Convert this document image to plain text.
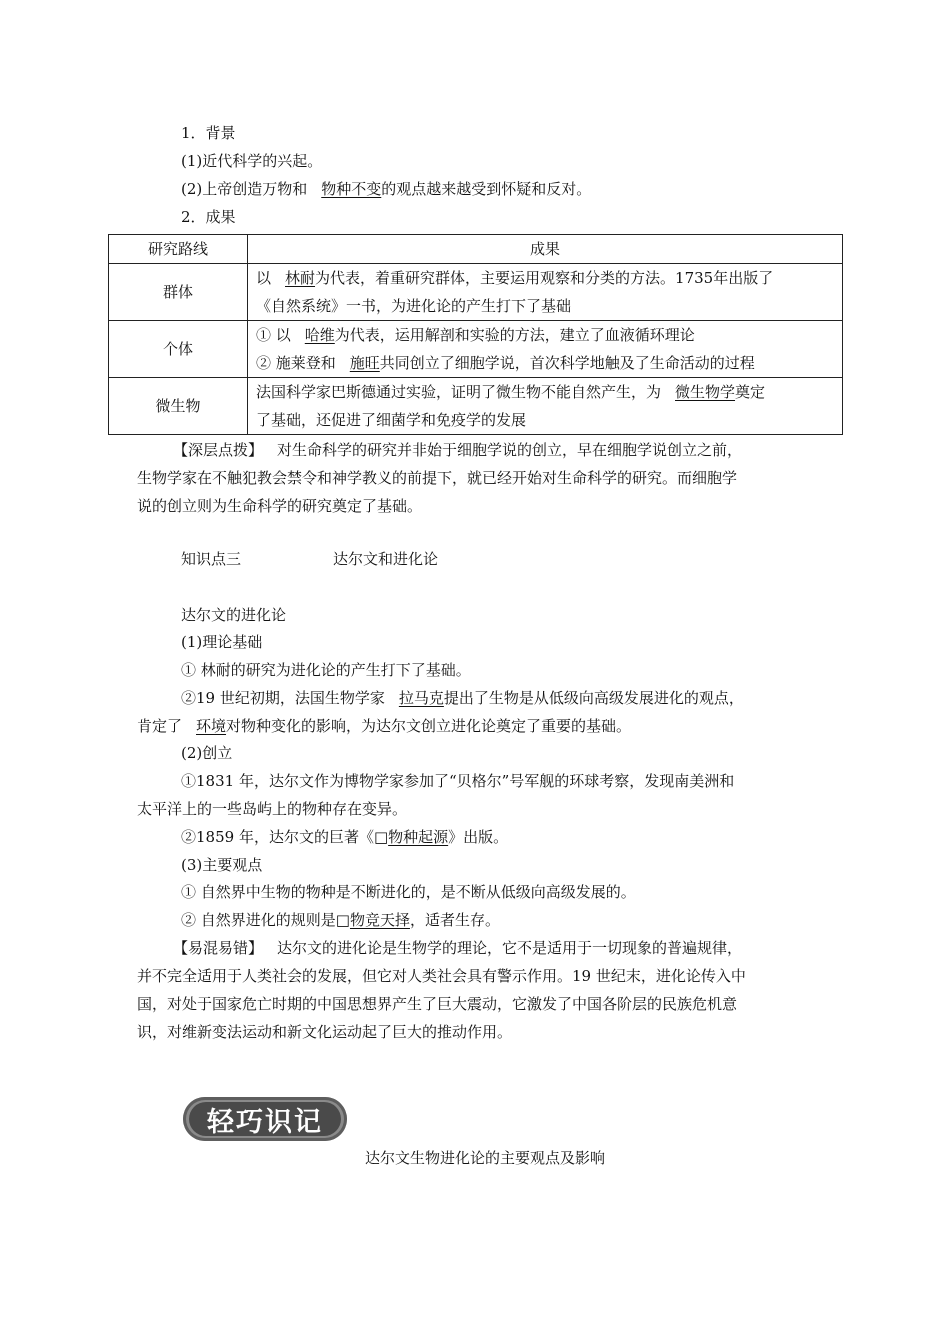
1．背景
(1)近代科学的兴起。
(2)上帝创造万物和 物种不变的观点越来越受到怀疑和反对。
2．成果
研究路线	成果
群体	以 林耐为代表，着重研究群体，主要运用观察和分类的方法。1735年出版了
《自然系统》一书，为进化论的产生打下了基础

个体	① 以 哈维为代表，运用解剖和实验的方法，建立了血液循环理论
② 施莱登和 施旺共同创立了细胞学说，首次科学地触及了生命活动的过程

微生物	法国科学家巴斯德通过实验，证明了微生物不能自然产生，为 微生物学奠定
了基础，还促进了细菌学和免疫学的发展
【深层点拨】 对生命科学的研究并非始于细胞学说的创立，早在细胞学说创立之前，
生物学家在不触犯教会禁令和神学教义的前提下，就已经开始对生命科学的研究。而细胞学
说的创立则为生命科学的研究奠定了基础。
知识点三	达尔文和进化论
达尔文的进化论
(1)理论基础
① 林耐的研究为进化论的产生打下了基础。
②19 世纪初期，法国生物学家 拉马克提出了生物是从低级向高级发展进化的观点，
肯定了 环境对物种变化的影响，为达尔文创立进化论奠定了重要的基础。
(2)创立
①1831 年，达尔文作为博物学家参加了“贝格尔”号军舰的环球考察，发现南美洲和
太平洋上的一些岛屿上的物种存在变异。
②1859 年，达尔文的巨著《□物种起源》出版。
(3)主要观点
① 自然界中生物的物种是不断进化的，是不断从低级向高级发展的。
② 自然界进化的规则是□物竞天择，适者生存。
【易混易错】 达尔文的进化论是生物学的理论，它不是适用于一切现象的普遍规律，
并不完全适用于人类社会的发展，但它对人类社会具有警示作用。19 世纪末，进化论传入中
国，对处于国家危亡时期的中国思想界产生了巨大震动，它激发了中国各阶层的民族危机意
识，对维新变法运动和新文化运动起了巨大的推动作用。
轻巧识记
达尔文生物进化论的主要观点及影响
